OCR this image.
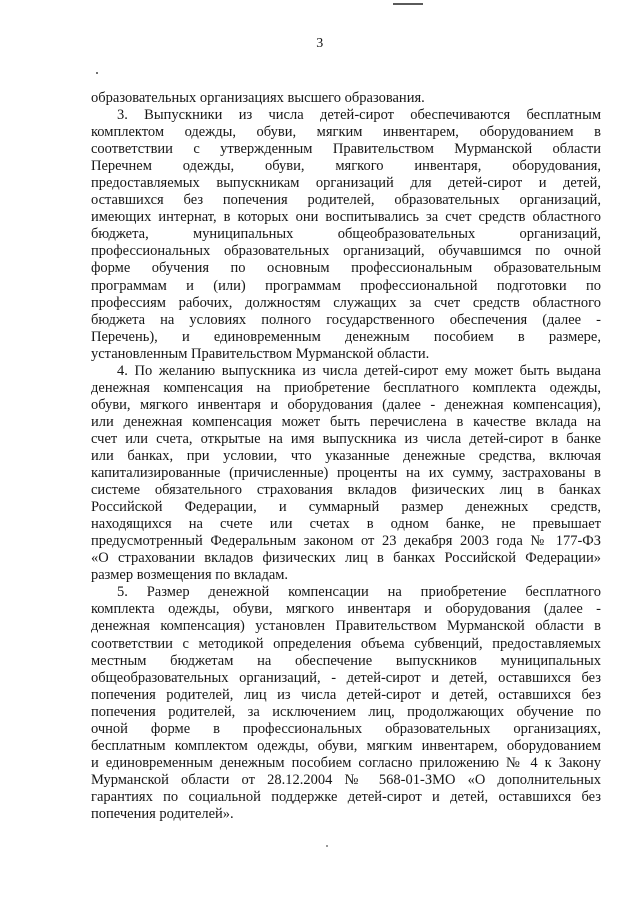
3
образовательных организациях высшего образования.
3. Выпускники из числа детей-сирот обеспечиваются бесплатным
комплектом одежды, обуви, мягким инвентарем, оборудованием в
соответствии с утвержденным Правительством Мурманской области
Перечнем одежды, обуви, мягкого инвентаря, оборудования,
предоставляемых выпускникам организаций для детей-сирот и детей,
оставшихся без попечения родителей, образовательных организаций,
имеющих интернат, в которых они воспитывались за счет средств областного
бюджета, муниципальных общеобразовательных организаций,
профессиональных образовательных организаций, обучавшимся по очной
форме обучения по основным профессиональным образовательным
программам и (или) программам профессиональной подготовки по
профессиям рабочих, должностям служащих за счет средств областного
бюджета на условиях полного государственного обеспечения (далее -
Перечень), и единовременным денежным пособием в размере,
установленным Правительством Мурманской области.
4. По желанию выпускника из числа детей-сирот ему может быть выдана
денежная компенсация на приобретение бесплатного комплекта одежды,
обуви, мягкого инвентаря и оборудования (далее - денежная компенсация),
или денежная компенсация может быть перечислена в качестве вклада на
счет или счета, открытые на имя выпускника из числа детей-сирот в банке
или банках, при условии, что указанные денежные средства, включая
капитализированные (причисленные) проценты на их сумму, застрахованы в
системе обязательного страхования вкладов физических лиц в банках
Российской Федерации, и суммарный размер денежных средств,
находящихся на счете или счетах в одном банке, не превышает
предусмотренный Федеральным законом от 23 декабря 2003 года № 177-ФЗ
«О страховании вкладов физических лиц в банках Российской Федерации»
размер возмещения по вкладам.
5. Размер денежной компенсации на приобретение бесплатного
комплекта одежды, обуви, мягкого инвентаря и оборудования (далее -
денежная компенсация) установлен Правительством Мурманской области в
соответствии с методикой определения объема субвенций, предоставляемых
местным бюджетам на обеспечение выпускников муниципальных
общеобразовательных организаций, - детей-сирот и детей, оставшихся без
попечения родителей, лиц из числа детей-сирот и детей, оставшихся без
попечения родителей, за исключением лиц, продолжающих обучение по
очной форме в профессиональных образовательных организациях,
бесплатным комплектом одежды, обуви, мягким инвентарем, оборудованием
и единовременным денежным пособием согласно приложению № 4 к Закону
Мурманской области от 28.12.2004 № 568-01-ЗМО «О дополнительных
гарантиях по социальной поддержке детей-сирот и детей, оставшихся без
попечения родителей».
